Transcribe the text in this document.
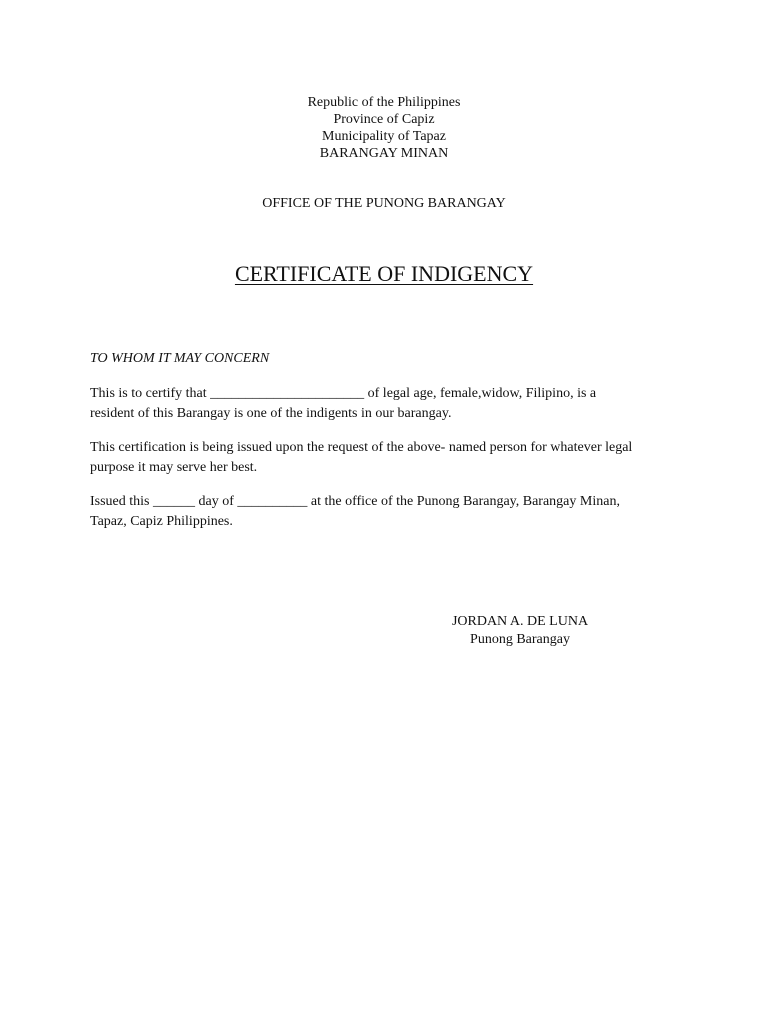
Republic of the Philippines
Province of Capiz
Municipality of Tapaz
BARANGAY MINAN
OFFICE OF THE PUNONG BARANGAY
CERTIFICATE OF INDIGENCY
TO WHOM IT MAY CONCERN
This is to certify that ______________________ of legal age, female,widow, Filipino, is a
resident of this Barangay is one of the indigents in our barangay.
This certification is being issued upon the request of the above- named person for whatever legal
purpose it may serve her best.
Issued this ______ day of __________ at the office of the Punong Barangay, Barangay Minan,
Tapaz, Capiz Philippines.
JORDAN A. DE LUNA
Punong Barangay
